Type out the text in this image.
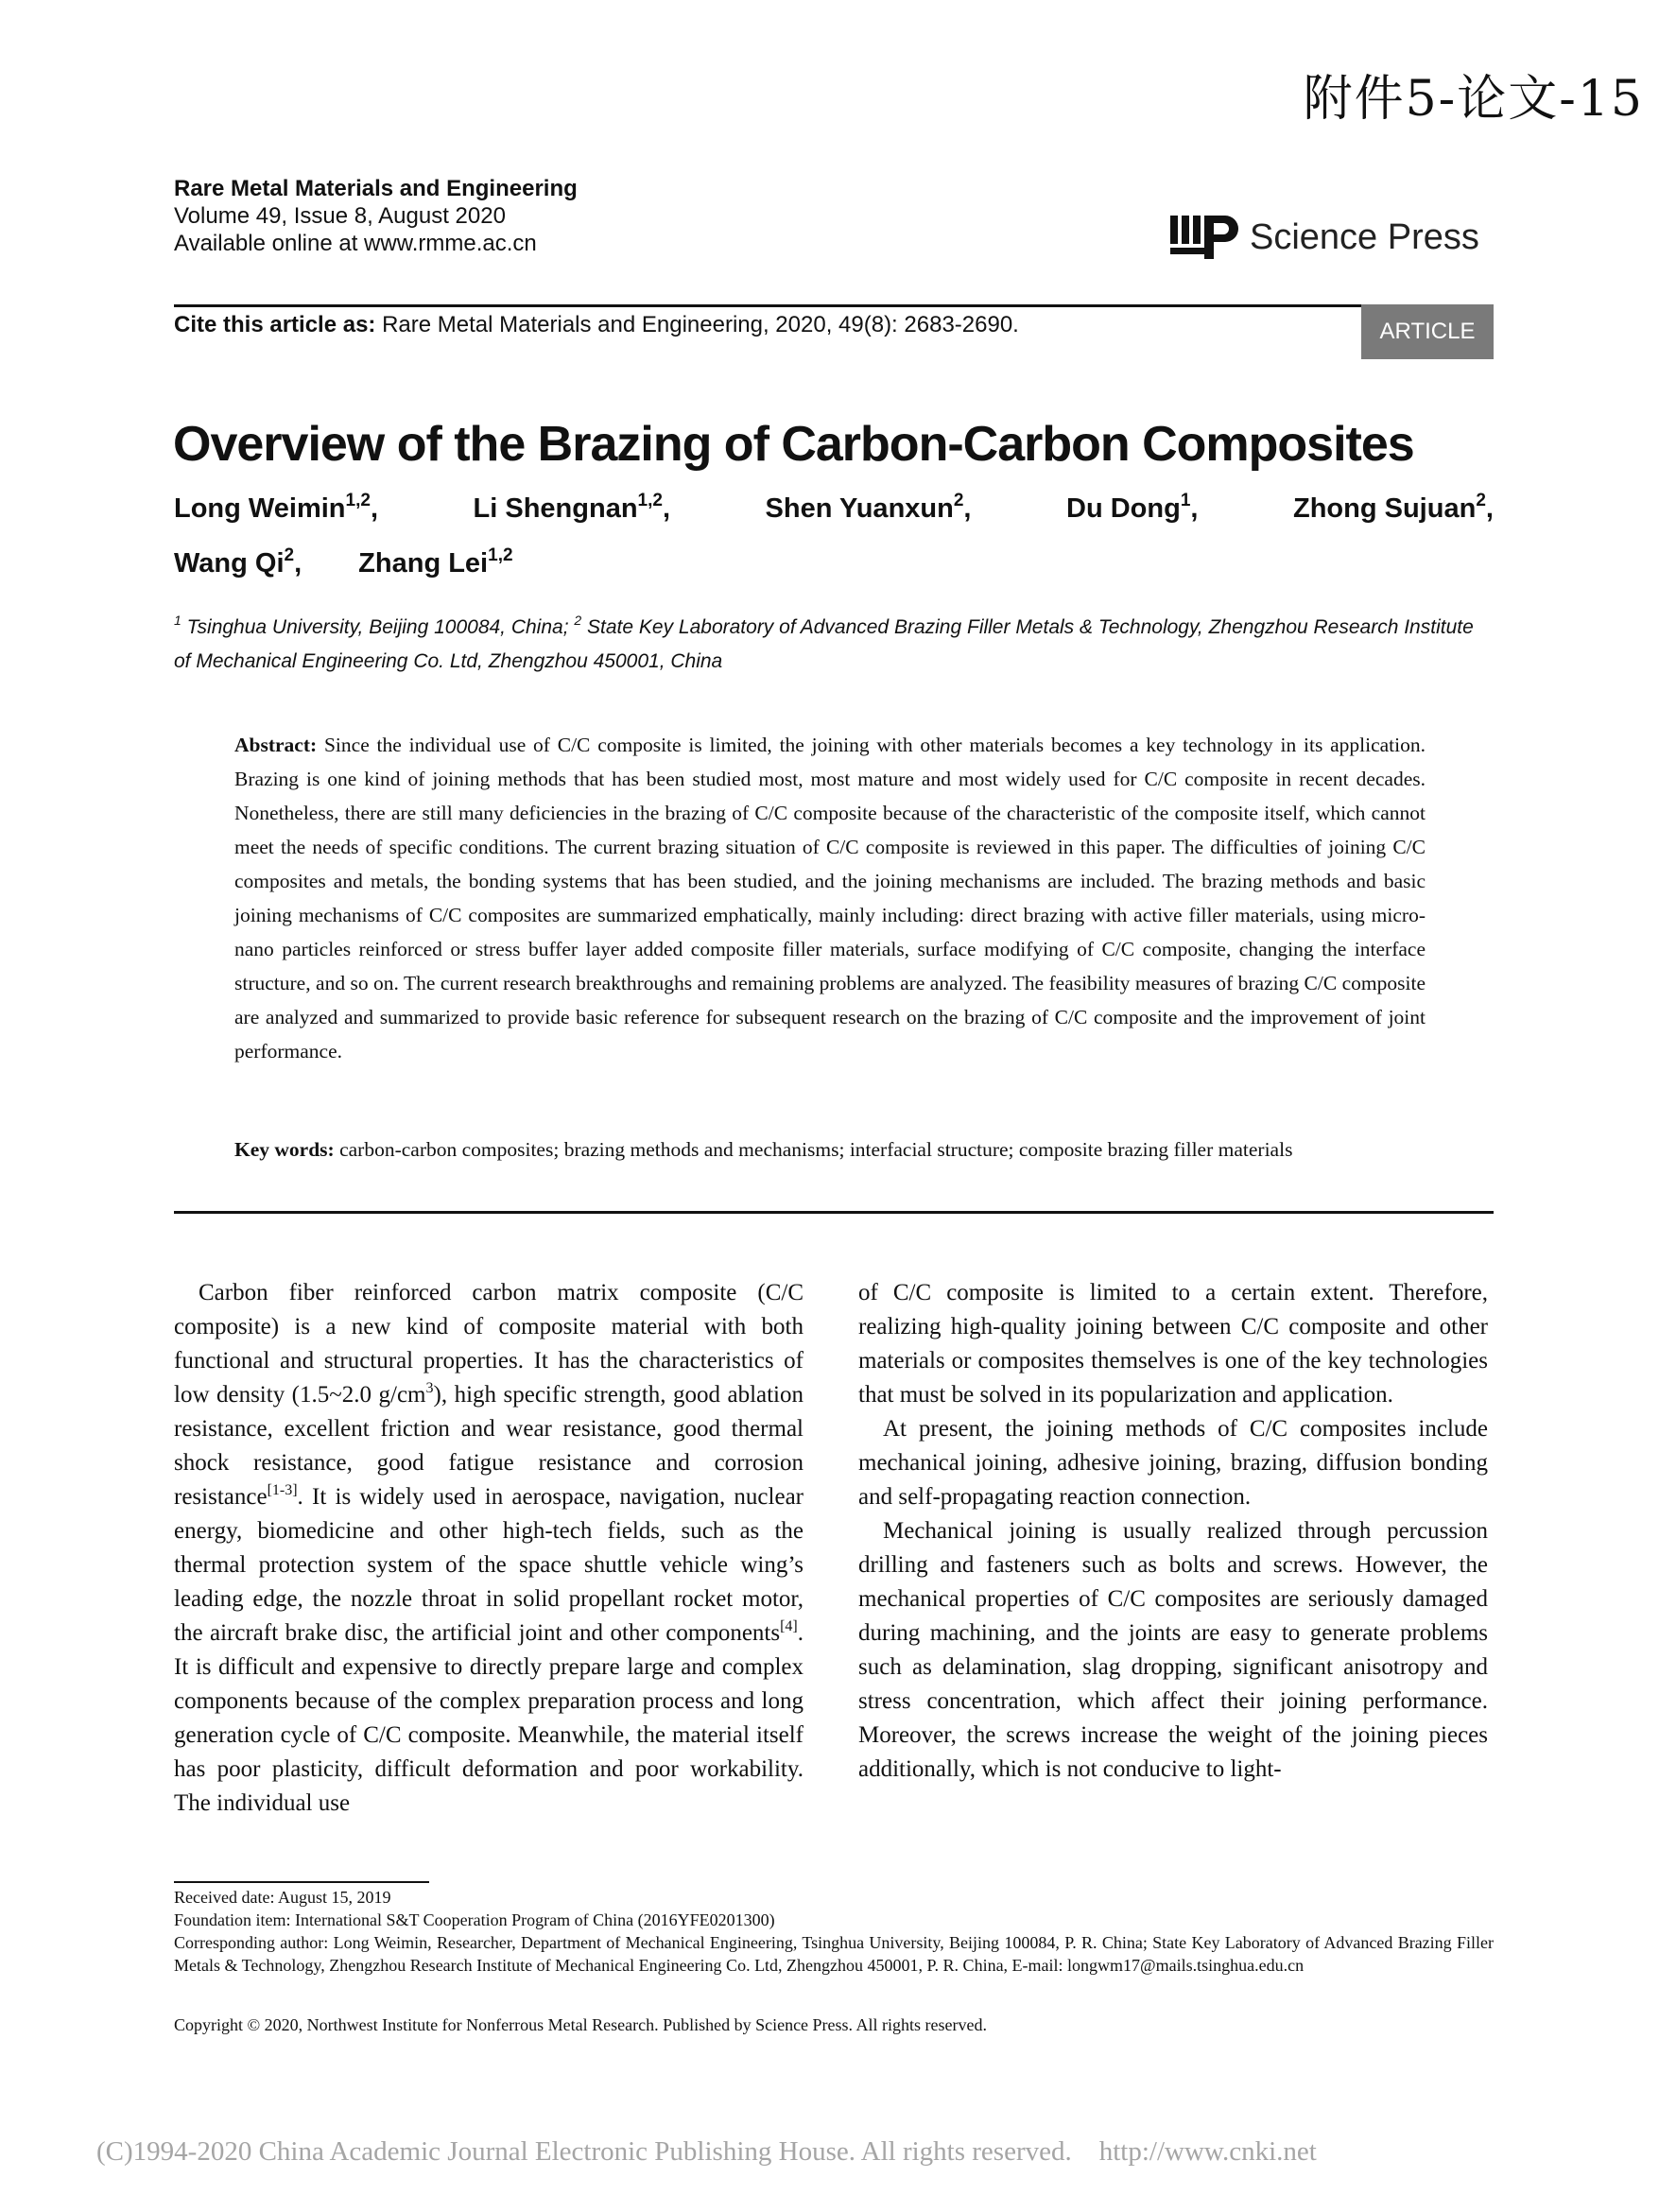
附件5-论文-15
Rare Metal Materials and Engineering
Volume 49, Issue 8, August 2020
Available online at www.rmme.ac.cn	Science Press
Cite this article as: Rare Metal Materials and Engineering, 2020, 49(8): 2683-2690.	ARTICLE
Overview of the Brazing of Carbon-Carbon Composites
Long Weimin$^{1,2}$,	Li Shengnan$^{1,2}$,	Shen Yuanxun$^2$,	Du Dong$^1$,	Zhong Sujuan$^2$,
Wang Qi$^2$, Zhang Lei$^{1,2}$
$^1$ Tsinghua University, Beijing 100084, China; $^2$ State Key Laboratory of Advanced Brazing Filler Metals & Technology, Zhengzhou Research Institute of Mechanical Engineering Co. Ltd, Zhengzhou 450001, China
Abstract: Since the individual use of C/C composite is limited, the joining with other materials becomes a key technology in its application. Brazing is one kind of joining methods that has been studied most, most mature and most widely used for C/C composite in recent decades. Nonetheless, there are still many deficiencies in the brazing of C/C composite because of the characteristic of the composite itself, which cannot meet the needs of specific conditions. The current brazing situation of C/C composite is reviewed in this paper. The difficulties of joining C/C composites and metals, the bonding systems that has been studied, and the joining mechanisms are included. The brazing methods and basic joining mechanisms of C/C composites are summarized emphatically, mainly including: direct brazing with active filler materials, using micro-nano particles reinforced or stress buffer layer added composite filler materials, surface modifying of C/C composite, changing the interface structure, and so on. The current research breakthroughs and remaining problems are analyzed. The feasibility measures of brazing C/C composite are analyzed and summarized to provide basic reference for subsequent research on the brazing of C/C composite and the improvement of joint performance.
Key words: carbon-carbon composites; brazing methods and mechanisms; interfacial structure; composite brazing filler materials

Carbon fiber reinforced carbon matrix composite (C/C composite) is a new kind of composite material with both functional and structural properties. It has the characteristics of low density (1.5~2.0 $g/cm^3$), high specific strength, good ablation resistance, excellent friction and wear resistance, good thermal shock resistance, good fatigue resistance and corrosion resistance[1-3]. It is widely used in aerospace, navigation, nuclear energy, biomedicine and other high-tech fields, such as the thermal protection system of the space shuttle vehicle wing’s leading edge, the nozzle throat in solid propellant rocket motor, the aircraft brake disc, the artificial joint and other components[4]. It is difficult and expensive to directly prepare large and complex components because of the complex preparation process and long generation cycle of C/C composite. Meanwhile, the material itself has poor plasticity, difficult deformation and poor workability. The individual use

of C/C composite is limited to a certain extent. Therefore, realizing high-quality joining between C/C composite and other materials or composites themselves is one of the key technologies that must be solved in its popularization and application.

At present, the joining methods of C/C composites include mechanical joining, adhesive joining, brazing, diffusion bonding and self-propagating reaction connection.

Mechanical joining is usually realized through percussion drilling and fasteners such as bolts and screws. However, the mechanical properties of C/C composites are seriously damaged during machining, and the joints are easy to generate problems such as delamination, slag dropping, significant anisotropy and stress concentration, which affect their joining performance. Moreover, the screws increase the weight of the joining pieces additionally, which is not conducive to light-

Received date: August 15, 2019
Foundation item: International S&T Cooperation Program of China (2016YFE0201300)
Corresponding author: Long Weimin, Researcher, Department of Mechanical Engineering, Tsinghua University, Beijing 100084, P. R. China; State Key Laboratory of Advanced Brazing Filler Metals & Technology, Zhengzhou Research Institute of Mechanical Engineering Co. Ltd, Zhengzhou 450001, P. R. China, E-mail: longwm17@mails.tsinghua.edu.cn
Copyright © 2020, Northwest Institute for Nonferrous Metal Research. Published by Science Press. All rights reserved.
(C)1994-2020 China Academic Journal Electronic Publishing House. All rights reserved.    http://www.cnki.net
